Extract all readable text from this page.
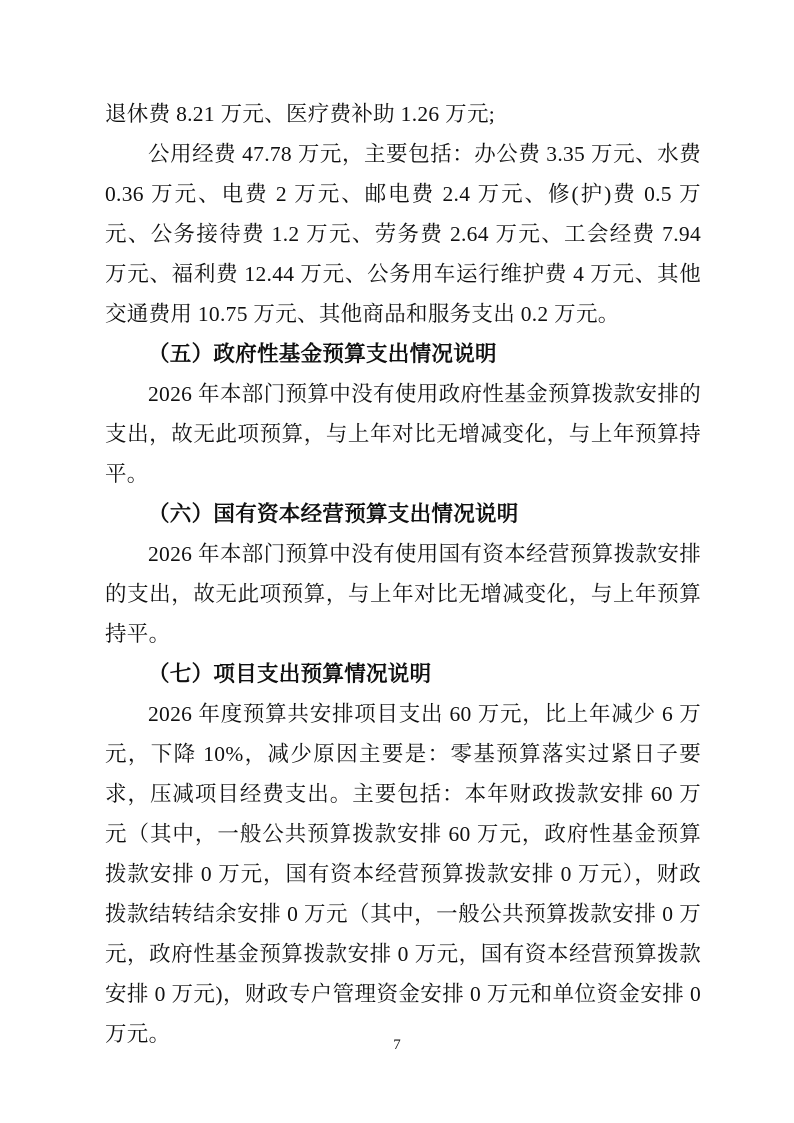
退休费 8.21 万元、医疗费补助 1.26 万元;

公用经费 47.78 万元，主要包括：办公费 3.35 万元、水费 0.36 万元、电费 2 万元、邮电费 2.4 万元、修(护)费 0.5 万元、公务接待费 1.2 万元、劳务费 2.64 万元、工会经费 7.94 万元、福利费 12.44 万元、公务用车运行维护费 4 万元、其他交通费用 10.75 万元、其他商品和服务支出 0.2 万元。

（五）政府性基金预算支出情况说明

2026 年本部门预算中没有使用政府性基金预算拨款安排的支出，故无此项预算，与上年对比无增减变化，与上年预算持平。

（六）国有资本经营预算支出情况说明

2026 年本部门预算中没有使用国有资本经营预算拨款安排的支出，故无此项预算，与上年对比无增减变化，与上年预算持平。

（七）项目支出预算情况说明

2026 年度预算共安排项目支出 60 万元，比上年减少 6 万元，下降 10%，减少原因主要是：零基预算落实过紧日子要求，压减项目经费支出。主要包括：本年财政拨款安排 60 万元（其中，一般公共预算拨款安排 60 万元，政府性基金预算拨款安排 0 万元，国有资本经营预算拨款安排 0 万元），财政拨款结转结余安排 0 万元（其中，一般公共预算拨款安排 0 万元，政府性基金预算拨款安排 0 万元，国有资本经营预算拨款安排 0 万元)，财政专户管理资金安排 0 万元和单位资金安排 0 万元。	7
